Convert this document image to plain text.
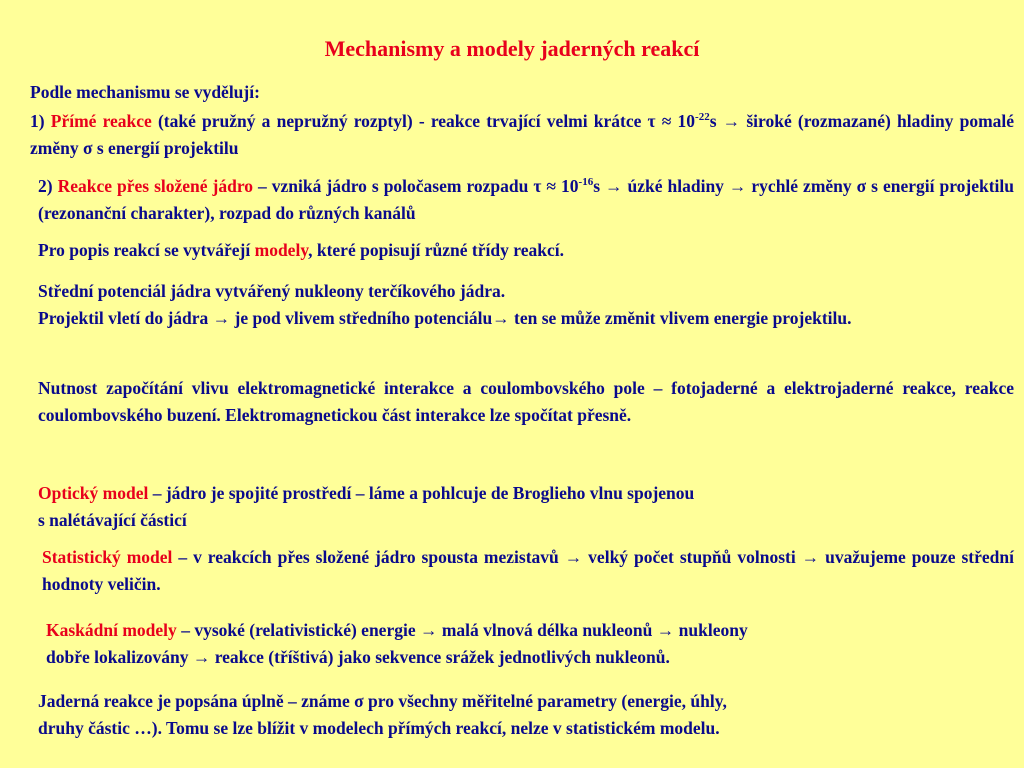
Mechanismy a modely jaderných reakcí
Podle mechanismu se vydělují:
1) Přímé reakce (také pružný a nepružný rozptyl) - reakce trvající velmi krátce $\tau \approx 10^{-22}s$ → široké (rozmazané) hladiny pomalé změny σ s energií projektilu
2) Reakce přes složené jádro – vzniká jádro s poločasem rozpadu $\tau \approx 10^{-16}s$ → úzké hladiny → rychlé změny σ s energií projektilu (rezonanční charakter), rozpad do různých kanálů
Pro popis reakcí se vytvářejí modely, které popisují různé třídy reakcí.
Střední potenciál jádra vytvářený nukleony terčíkového jádra.
Projektil vletí do jádra → je pod vlivem středního potenciálu→ ten se může změnit vlivem energie projektilu.
Nutnost započítání vlivu elektromagnetické interakce a coulombovského pole – fotojaderné a elektrojaderné reakce, reakce coulombovského buzení. Elektromagnetickou část interakce lze spočítat přesně.
Optický model – jádro je spojité prostředí – láme a pohlcuje de Broglieho vlnu spojenou
s nalétávající částicí
Statistický model – v reakcích přes složené jádro spousta mezistavů → velký počet stupňů volnosti → uvažujeme pouze střední hodnoty veličin.
Kaskádní modely – vysoké (relativistické) energie → malá vlnová délka nukleonů → nukleony
dobře lokalizovány → reakce (tříštivá) jako sekvence srážek jednotlivých nukleonů.
Jaderná reakce je popsána úplně – známe σ pro všechny měřitelné parametry (energie, úhly,
druhy částic …). Tomu se lze blížit v modelech přímých reakcí, nelze v statistickém modelu.
